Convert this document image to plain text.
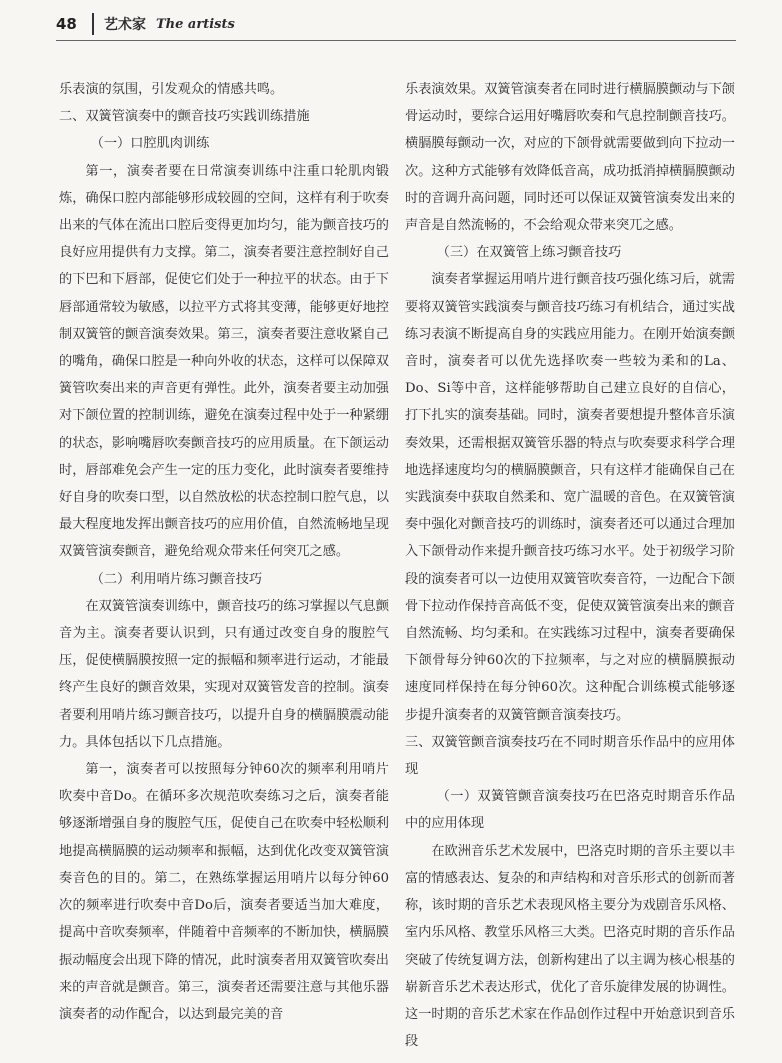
48	艺术家 The artists

乐表演的氛围，引发观众的情感共鸣。

二、双簧管演奏中的颤音技巧实践训练措施

（一）口腔肌肉训练

第一，演奏者要在日常演奏训练中注重口轮肌肉锻炼，确保口腔内部能够形成较圆的空间，这样有利于吹奏出来的气体在流出口腔后变得更加均匀，能为颤音技巧的良好应用提供有力支撑。第二，演奏者要注意控制好自己的下巴和下唇部，促使它们处于一种拉平的状态。由于下唇部通常较为敏感，以拉平方式将其变薄，能够更好地控制双簧管的颤音演奏效果。第三，演奏者要注意收紧自己的嘴角，确保口腔是一种向外收的状态，这样可以保障双簧管吹奏出来的声音更有弹性。此外，演奏者要主动加强对下颌位置的控制训练，避免在演奏过程中处于一种紧绷的状态，影响嘴唇吹奏颤音技巧的应用质量。在下颌运动时，唇部难免会产生一定的压力变化，此时演奏者要维持好自身的吹奏口型，以自然放松的状态控制口腔气息，以最大程度地发挥出颤音技巧的应用价值，自然流畅地呈现双簧管演奏颤音，避免给观众带来任何突兀之感。

（二）利用哨片练习颤音技巧

在双簧管演奏训练中，颤音技巧的练习掌握以气息颤音为主。演奏者要认识到，只有通过改变自身的腹腔气压，促使横膈膜按照一定的振幅和频率进行运动，才能最终产生良好的颤音效果，实现对双簧管发音的控制。演奏者要利用哨片练习颤音技巧，以提升自身的横膈膜震动能力。具体包括以下几点措施。

第一，演奏者可以按照每分钟60次的频率利用哨片吹奏中音Do。在循环多次规范吹奏练习之后，演奏者能够逐渐增强自身的腹腔气压，促使自己在吹奏中轻松顺利地提高横膈膜的运动频率和振幅，达到优化改变双簧管演奏音色的目的。第二，在熟练掌握运用哨片以每分钟60次的频率进行吹奏中音Do后，演奏者要适当加大难度，提高中音吹奏频率，伴随着中音频率的不断加快，横膈膜振动幅度会出现下降的情况，此时演奏者用双簧管吹奏出来的声音就是颤音。第三，演奏者还需要注意与其他乐器演奏者的动作配合，以达到最完美的音

乐表演效果。双簧管演奏者在同时进行横膈膜颤动与下颌骨运动时，要综合运用好嘴唇吹奏和气息控制颤音技巧。横膈膜每颤动一次，对应的下颌骨就需要做到向下拉动一次。这种方式能够有效降低音高，成功抵消掉横膈膜颤动时的音调升高问题，同时还可以保证双簧管演奏发出来的声音是自然流畅的，不会给观众带来突兀之感。

（三）在双簧管上练习颤音技巧

演奏者掌握运用哨片进行颤音技巧强化练习后，就需要将双簧管实践演奏与颤音技巧练习有机结合，通过实战练习表演不断提高自身的实践应用能力。在刚开始演奏颤音时，演奏者可以优先选择吹奏一些较为柔和的La、Do、Si等中音，这样能够帮助自己建立良好的自信心，打下扎实的演奏基础。同时，演奏者要想提升整体音乐演奏效果，还需根据双簧管乐器的特点与吹奏要求科学合理地选择速度均匀的横膈膜颤音，只有这样才能确保自己在实践演奏中获取自然柔和、宽广温暖的音色。在双簧管演奏中强化对颤音技巧的训练时，演奏者还可以通过合理加入下颌骨动作来提升颤音技巧练习水平。处于初级学习阶段的演奏者可以一边使用双簧管吹奏音符，一边配合下颌骨下拉动作保持音高低不变，促使双簧管演奏出来的颤音自然流畅、均匀柔和。在实践练习过程中，演奏者要确保下颌骨每分钟60次的下拉频率，与之对应的横膈膜振动速度同样保持在每分钟60次。这种配合训练模式能够逐步提升演奏者的双簧管颤音演奏技巧。

三、双簧管颤音演奏技巧在不同时期音乐作品中的应用体现

（一）双簧管颤音演奏技巧在巴洛克时期音乐作品中的应用体现

在欧洲音乐艺术发展中，巴洛克时期的音乐主要以丰富的情感表达、复杂的和声结构和对音乐形式的创新而著称，该时期的音乐艺术表现风格主要分为戏剧音乐风格、室内乐风格、教堂乐风格三大类。巴洛克时期的音乐作品突破了传统复调方法，创新构建出了以主调为核心根基的崭新音乐艺术表达形式，优化了音乐旋律发展的协调性。这一时期的音乐艺术家在作品创作过程中开始意识到音乐段
